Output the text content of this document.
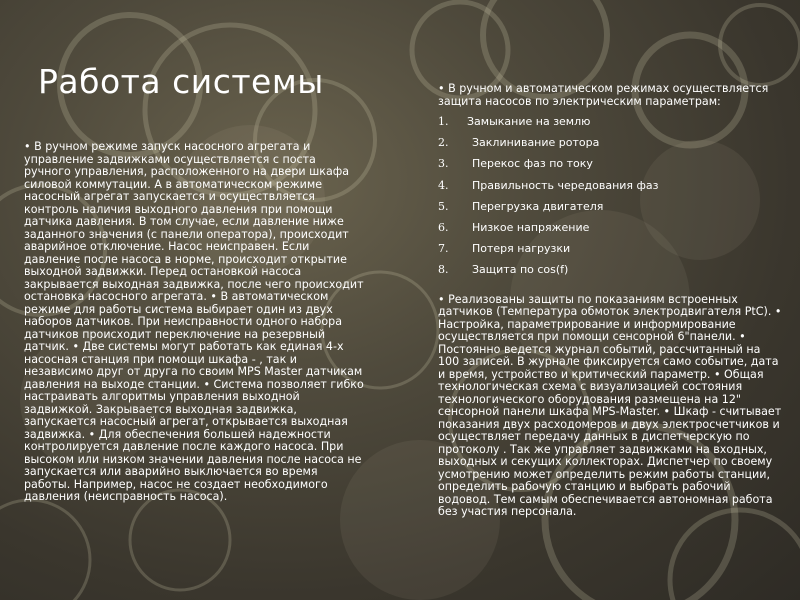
Работа системы

• В ручном режиме запуск насосного агрегата и управление задвижками осуществляется с поста ручного управления, расположенного на двери шкафа силовой коммутации. А в автоматическом режиме насосный агрегат запускается и осуществляется контроль наличия выходного давления при помощи датчика давления. В том случае, если давление ниже заданного значения (с панели оператора), происходит аварийное отключение. Насос неисправен. Если давление после насоса в норме, происходит открытие выходной задвижки. Перед остановкой насоса закрывается выходная задвижка, после чего происходит остановка насосного агрегата. • В автоматическом режиме для работы система выбирает один из двух наборов датчиков. При неисправности одного набора датчиков происходит переключение на резервный датчик. • Две системы могут работать как единая 4-х насосная станция при помощи шкафа - , так и независимо друг от друга по своим MPS Master датчикам давления на выходе станции. • Система позволяет гибко настраивать алгоритмы управления выходной задвижкой. Закрывается выходная задвижка, запускается насосный агрегат, открывается выходная задвижка. • Для обеспечения большей надежности контролируется давление после каждого насоса. При высоком или низком значении давления после насоса не запускается или аварийно выключается во время работы. Например, насос не создает необходимого давления (неисправность насоса).

• В ручном и автоматическом режимах осуществляется защита насосов по электрическим параметрам:

1.	Замыкание на землю
2.	Заклинивание ротора
3.	Перекос фаз по току
4.	Правильность чередования фаз
5.	Перегрузка двигателя
6.	Низкое напряжение
7.	Потеря нагрузки
8.	Защита по cos(f)

• Реализованы защиты по показаниям встроенных датчиков (Температура обмоток электродвигателя PtC). • Настройка, параметрирование и информирование осуществляется при помощи сенсорной 6"панели. • Постоянно ведется журнал событий, рассчитанный на 100 записей. В журнале фиксируется само событие, дата и время, устройство и критический параметр. • Общая технологическая схема с визуализацией состояния технологического оборудования размещена на 12" сенсорной панели шкафа MPS-Master. • Шкаф - считывает показания двух расходомеров и двух электросчетчиков и осуществляет передачу данных в диспетчерскую по протоколу . Так же управляет задвижками на входных, выходных и секущих коллекторах. Диспетчер по своему усмотрению может определить режим работы станции, определить рабочую станцию и выбрать рабочий водовод. Тем самым обеспечивается автономная работа без участия персонала.
